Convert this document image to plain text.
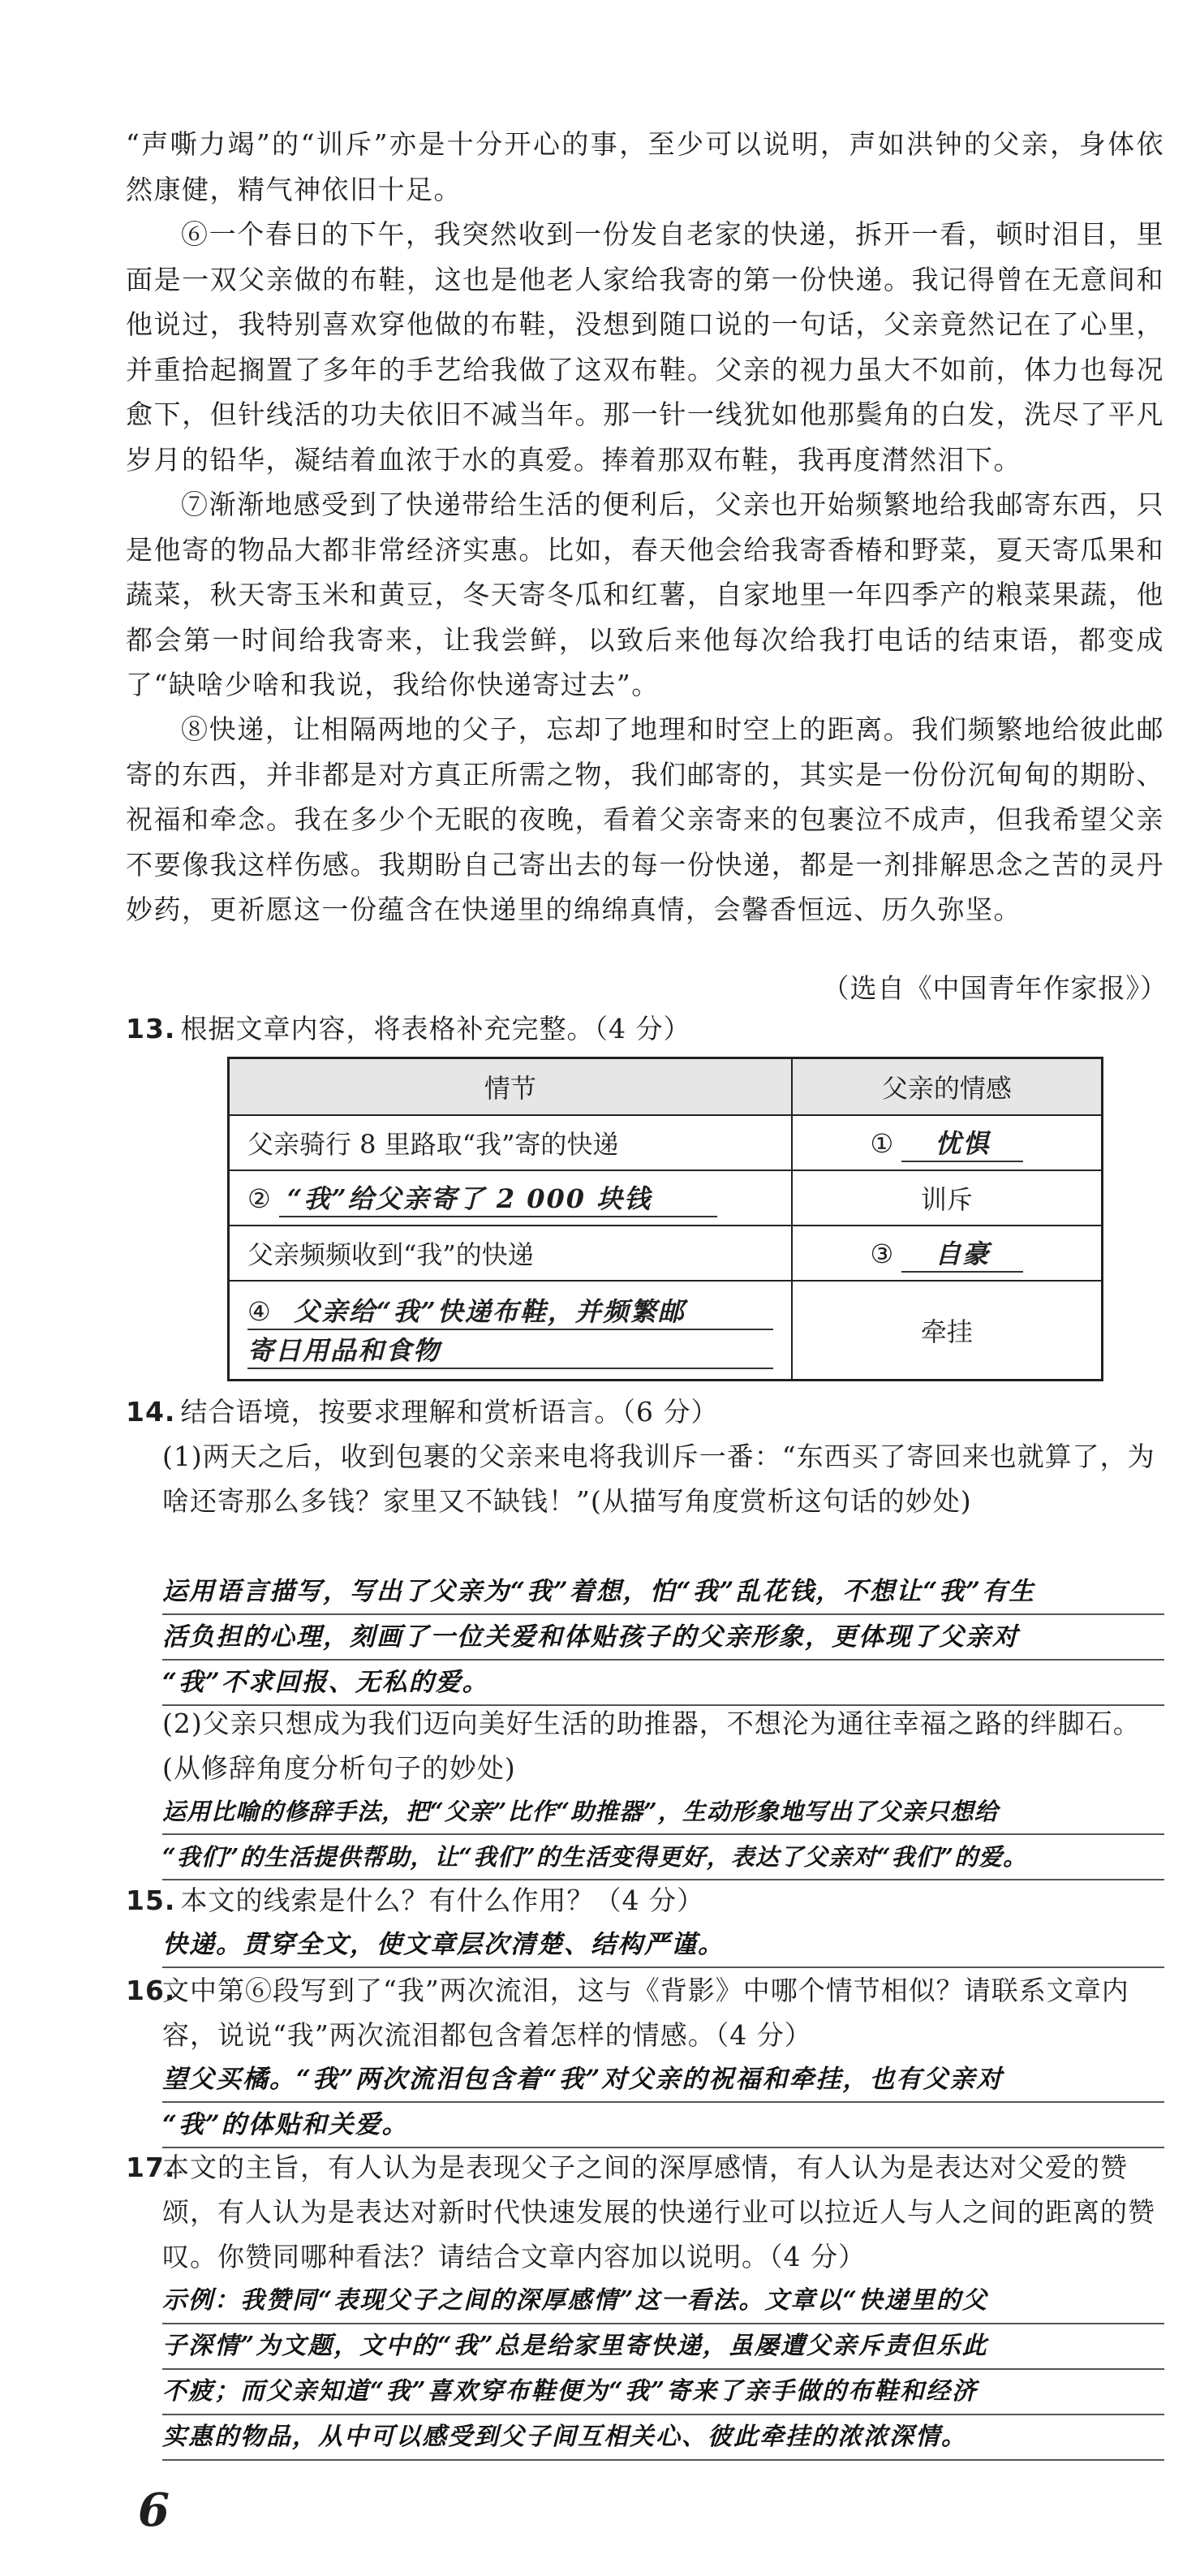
“声嘶力竭”的“训斥”亦是十分开心的事，至少可以说明，声如洪钟的父亲，身体依然康健，精气神依旧十足。

⑥一个春日的下午，我突然收到一份发自老家的快递，拆开一看，顿时泪目，里面是一双父亲做的布鞋，这也是他老人家给我寄的第一份快递。我记得曾在无意间和他说过，我特别喜欢穿他做的布鞋，没想到随口说的一句话，父亲竟然记在了心里，并重拾起搁置了多年的手艺给我做了这双布鞋。父亲的视力虽大不如前，体力也每况愈下，但针线活的功夫依旧不减当年。那一针一线犹如他那鬓角的白发，洗尽了平凡岁月的铅华，凝结着血浓于水的真爱。捧着那双布鞋，我再度潸然泪下。

⑦渐渐地感受到了快递带给生活的便利后，父亲也开始频繁地给我邮寄东西，只是他寄的物品大都非常经济实惠。比如，春天他会给我寄香椿和野菜，夏天寄瓜果和蔬菜，秋天寄玉米和黄豆，冬天寄冬瓜和红薯，自家地里一年四季产的粮菜果蔬，他都会第一时间给我寄来，让我尝鲜，以致后来他每次给我打电话的结束语，都变成了“缺啥少啥和我说，我给你快递寄过去”。

⑧快递，让相隔两地的父子，忘却了地理和时空上的距离。我们频繁地给彼此邮寄的东西，并非都是对方真正所需之物，我们邮寄的，其实是一份份沉甸甸的期盼、祝福和牵念。我在多少个无眠的夜晚，看着父亲寄来的包裹泣不成声，但我希望父亲不要像我这样伤感。我期盼自己寄出去的每一份快递，都是一剂排解思念之苦的灵丹妙药，更祈愿这一份蕴含在快递里的绵绵真情，会馨香恒远、历久弥坚。

（选自《中国青年作家报》）
13. 根据文章内容，将表格补充完整。（4 分）
情节	父亲的情感
父亲骑行 8 里路取“我”寄的快递	① 忧惧
② “我”给父亲寄了 2 000 块钱	训斥
父亲频频收到“我”的快递	③ 自豪

④ 父亲给“我”快递布鞋，并频繁邮
寄日用品和食物	牵挂
14. 结合语境，按要求理解和赏析语言。（6 分）

(1)两天之后，收到包裹的父亲来电将我训斥一番：“东西买了寄回来也就算了，为啥还寄那么多钱？家里又不缺钱！”(从描写角度赏析这句话的妙处)

运用语言描写，写出了父亲为“我”着想，怕“我”乱花钱，不想让“我”有生
活负担的心理，刻画了一位关爱和体贴孩子的父亲形象，更体现了父亲对
“我”不求回报、无私的爱。

(2)父亲只想成为我们迈向美好生活的助推器，不想沦为通往幸福之路的绊脚石。(从修辞角度分析句子的妙处)

运用比喻的修辞手法，把“父亲”比作“助推器”，生动形象地写出了父亲只想给
“我们”的生活提供帮助，让“我们”的生活变得更好，表达了父亲对“我们”的爱。
15. 本文的线索是什么？有什么作用？（4 分）
快递。贯穿全文，使文章层次清楚、结构严谨。
16.
文中第⑥段写到了“我”两次流泪，这与《背影》中哪个情节相似？请联系文章内容，说说“我”两次流泪都包含着怎样的情感。（4 分）
望父买橘。“我”两次流泪包含着“我”对父亲的祝福和牵挂，也有父亲对
“我”的体贴和关爱。
17.
本文的主旨，有人认为是表现父子之间的深厚感情，有人认为是表达对父爱的赞颂，有人认为是表达对新时代快速发展的快递行业可以拉近人与人之间的距离的赞叹。你赞同哪种看法？请结合文章内容加以说明。（4 分）
示例：我赞同“表现父子之间的深厚感情”这一看法。文章以“快递里的父
子深情”为文题，文中的“我”总是给家里寄快递，虽屡遭父亲斥责但乐此
不疲；而父亲知道“我”喜欢穿布鞋便为“我”寄来了亲手做的布鞋和经济
实惠的物品，从中可以感受到父子间互相关心、彼此牵挂的浓浓深情。
6
